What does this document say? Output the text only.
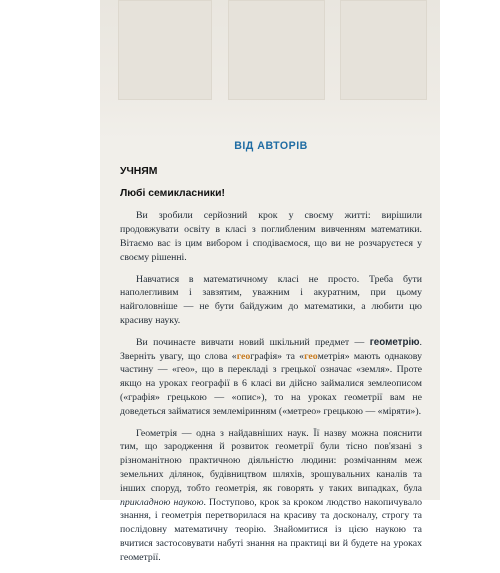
ВІД АВТОРІВ
УЧНЯМ
Любі семикласники!

Ви зробили серйозний крок у своєму житті: вирішили продовжувати освіту в класі з поглибленим вивченням математики. Вітаємо вас із цим вибором і сподіваємося, що ви не розчаруєтеся у своєму рішенні.

Навчатися в математичному класі не просто. Треба бути наполегливим і завзятим, уважним і акуратним, при цьому найголовніше — не бути байдужим до математики, а любити цю красиву науку.

Ви починаєте вивчати новий шкільний предмет — геометрію. Зверніть увагу, що слова «географія» та «геометрія» мають однакову частину — «гео», що в перекладі з грецької означає «земля». Проте якщо на уроках географії в 6 класі ви дійсно займалися землеописом («графія» грецькою — «опис»), то на уроках геометрії вам не доведеться займатися землеміринням («метрео» грецькою — «міряти»).

Геометрія — одна з найдавніших наук. Її назву можна пояснити тим, що зародження й розвиток геометрії були тісно пов'язані з різноманітною практичною діяльністю людини: розмічанням меж земельних ділянок, будівництвом шляхів, зрошувальних каналів та інших споруд, тобто геометрія, як говорять у таких випадках, була прикладною наукою. Поступово, крок за кроком людство накопичувало знання, і геометрія перетворилася на красиву та досконалу, строгу та послідовну математичну теорію. Знайомитися із цією наукою та вчитися застосовувати набуті знання на практиці ви й будете на уроках геометрії.
